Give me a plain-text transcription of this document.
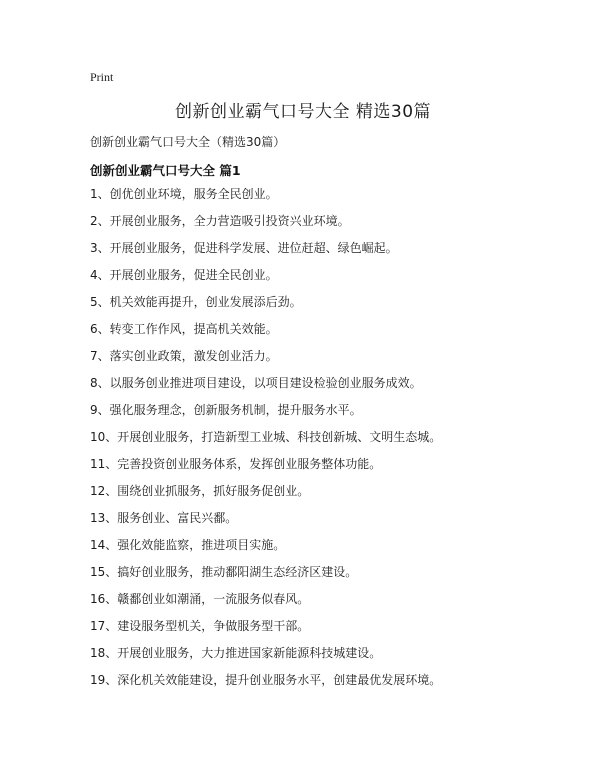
Print
创新创业霸气口号大全 精选30篇
创新创业霸气口号大全（精选30篇）
创新创业霸气口号大全 篇1
1、创优创业环境，服务全民创业。
2、开展创业服务，全力营造吸引投资兴业环境。
3、开展创业服务，促进科学发展、进位赶超、绿色崛起。
4、开展创业服务，促进全民创业。
5、机关效能再提升，创业发展添后劲。
6、转变工作作风，提高机关效能。
7、落实创业政策，激发创业活力。
8、以服务创业推进项目建设，以项目建设检验创业服务成效。
9、强化服务理念，创新服务机制，提升服务水平。
10、开展创业服务，打造新型工业城、科技创新城、文明生态城。
11、完善投资创业服务体系，发挥创业服务整体功能。
12、围绕创业抓服务，抓好服务促创业。
13、服务创业、富民兴鄱。
14、强化效能监察，推进项目实施。
15、搞好创业服务，推动鄱阳湖生态经济区建设。
16、赣鄱创业如潮涌，一流服务似春风。
17、建设服务型机关，争做服务型干部。
18、开展创业服务，大力推进国家新能源科技城建设。
19、深化机关效能建设，提升创业服务水平，创建最优发展环境。
